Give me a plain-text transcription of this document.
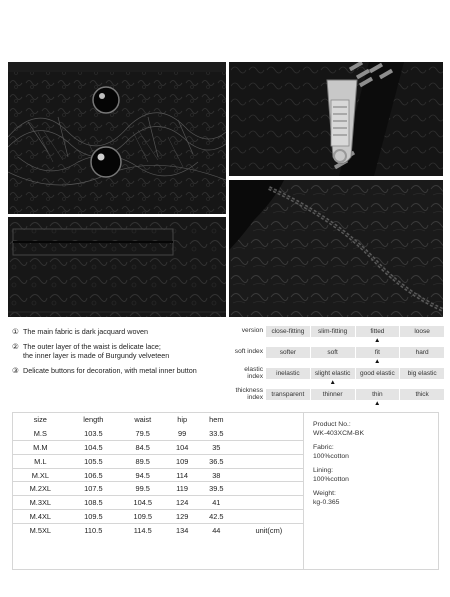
① The main fabric is dark jacquard woven
② The outer layer of the waist is delicate lace;
the inner layer is made of Burgundy velveteen
③ Delicate buttons for decoration, with metal inner button
version	close-fitting	slim-fitting	fitted	loose
▲
soft index	softer	soft	fit	hard
▲
elastic index	inelastic	slight elastic	good elastic	big elastic
▲
thickness index	transparent	thinner	thin	thick
▲
size	length	waist	hip	hem	
M.S	103.5	79.5	99	33.5	
M.M	104.5	84.5	104	35	
M.L	105.5	89.5	109	36.5	
M.XL	106.5	94.5	114	38	
M.2XL	107.5	99.5	119	39.5	
M.3XL	108.5	104.5	124	41	
M.4XL	109.5	109.5	129	42.5	
M.5XL	110.5	114.5	134	44	unit(cm)
Product No.:
WK-403XCM-BK
Fabric:
100%cotton
Lining:
100%cotton
Weight:
kg-0.365
